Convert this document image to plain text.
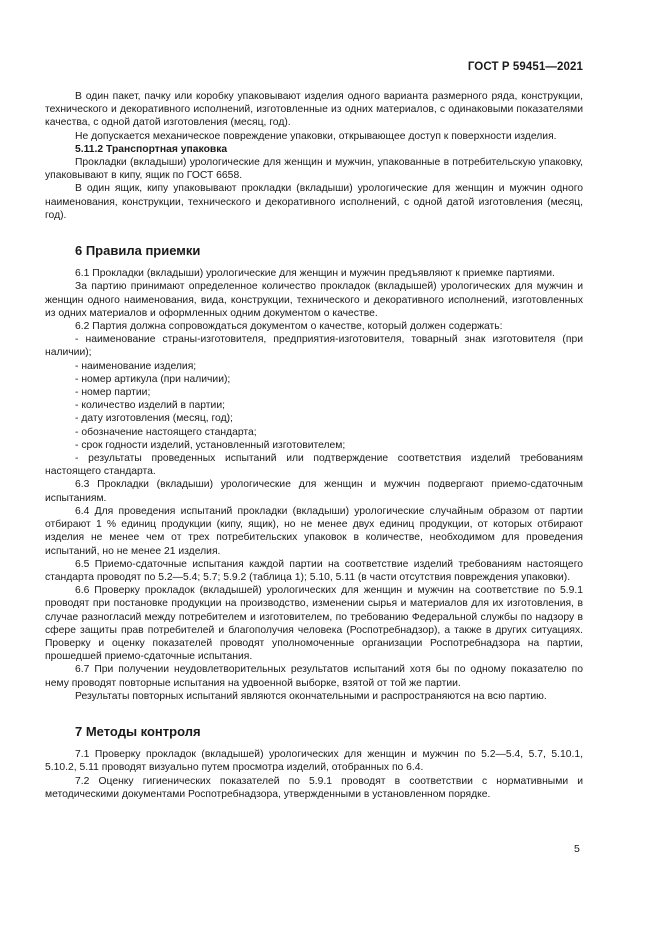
ГОСТ Р 59451—2021

В один пакет, пачку или коробку упаковывают изделия одного варианта размерного ряда, конструкции, технического и декоративного исполнений, изготовленные из одних материалов, с одинаковыми показателями качества, с одной датой изготовления (месяц, год).

Не допускается механическое повреждение упаковки, открывающее доступ к поверхности изделия.

5.11.2 Транспортная упаковка

Прокладки (вкладыши) урологические для женщин и мужчин, упакованные в потребительскую упаковку, упаковывают в кипу, ящик по ГОСТ 6658.

В один ящик, кипу упаковывают прокладки (вкладыши) урологические для женщин и мужчин одного наименования, конструкции, технического и декоративного исполнений, с одной датой изготовления (месяц, год).

6 Правила приемки

6.1 Прокладки (вкладыши) урологические для женщин и мужчин предъявляют к приемке партиями.

За партию принимают определенное количество прокладок (вкладышей) урологических для мужчин и женщин одного наименования, вида, конструкции, технического и декоративного исполнений, изготовленных из одних материалов и оформленных одним документом о качестве.

6.2 Партия должна сопровождаться документом о качестве, который должен содержать:

- наименование страны-изготовителя, предприятия-изготовителя, товарный знак изготовителя (при наличии);

- наименование изделия;

- номер артикула (при наличии);

- номер партии;

- количество изделий в партии;

- дату изготовления (месяц, год);

- обозначение настоящего стандарта;

- срок годности изделий, установленный изготовителем;

- результаты проведенных испытаний или подтверждение соответствия изделий требованиям настоящего стандарта.

6.3 Прокладки (вкладыши) урологические для женщин и мужчин подвергают приемо-сдаточным испытаниям.

6.4 Для проведения испытаний прокладки (вкладыши) урологические случайным образом от партии отбирают 1 % единиц продукции (кипу, ящик), но не менее двух единиц продукции, от которых отбирают изделия не менее чем от трех потребительских упаковок в количестве, необходимом для проведения испытаний, но не менее 21 изделия.

6.5 Приемо-сдаточные испытания каждой партии на соответствие изделий требованиям настоящего стандарта проводят по 5.2—5.4; 5.7; 5.9.2 (таблица 1); 5.10, 5.11 (в части отсутствия повреждения упаковки).

6.6 Проверку прокладок (вкладышей) урологических для женщин и мужчин на соответствие по 5.9.1 проводят при постановке продукции на производство, изменении сырья и материалов для их изготовления, в случае разногласий между потребителем и изготовителем, по требованию Федеральной службы по надзору в сфере защиты прав потребителей и благополучия человека (Роспотребнадзор), а также в других ситуациях. Проверку и оценку показателей проводят уполномоченные организации Роспотребнадзора на партии, прошедшей приемо-сдаточные испытания.

6.7 При получении неудовлетворительных результатов испытаний хотя бы по одному показателю по нему проводят повторные испытания на удвоенной выборке, взятой от той же партии.

Результаты повторных испытаний являются окончательными и распространяются на всю партию.

7 Методы контроля

7.1 Проверку прокладок (вкладышей) урологических для женщин и мужчин по 5.2—5.4, 5.7, 5.10.1, 5.10.2, 5.11 проводят визуально путем просмотра изделий, отобранных по 6.4.

7.2 Оценку гигиенических показателей по 5.9.1 проводят в соответствии с нормативными и методическими документами Роспотребнадзора, утвержденными в установленном порядке.

5
